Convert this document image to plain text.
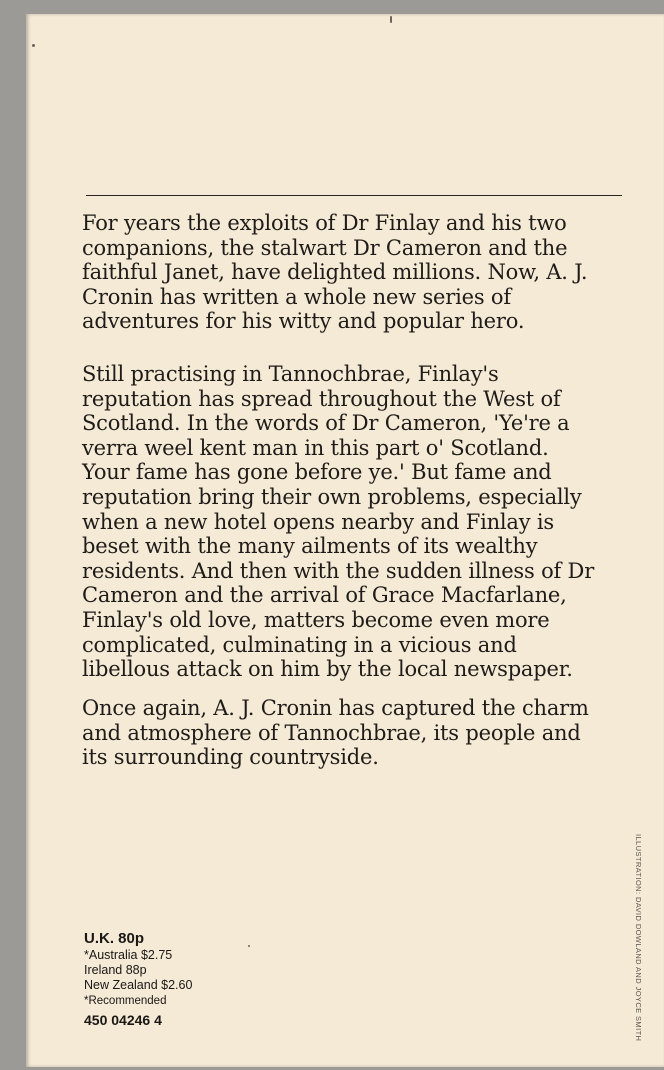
For years the exploits of Dr Finlay and his two
companions, the stalwart Dr Cameron and the
faithful Janet, have delighted millions. Now, A. J.
Cronin has written a whole new series of
adventures for his witty and popular hero.

Still practising in Tannochbrae, Finlay's
reputation has spread throughout the West of
Scotland. In the words of Dr Cameron, 'Ye're a
verra weel kent man in this part o' Scotland.
Your fame has gone before ye.' But fame and
reputation bring their own problems, especially
when a new hotel opens nearby and Finlay is
beset with the many ailments of its wealthy
residents. And then with the sudden illness of Dr
Cameron and the arrival of Grace Macfarlane,
Finlay's old love, matters become even more
complicated, culminating in a vicious and
libellous attack on him by the local newspaper.

Once again, A. J. Cronin has captured the charm
and atmosphere of Tannochbrae, its people and
its surrounding countryside.

U.K. 80p
*Australia $2.75
Ireland 88p
New Zealand $2.60
*Recommended
450 04246 4	ILLUSTRATION: DAVID DOWLAND AND JOYCE SMITH
